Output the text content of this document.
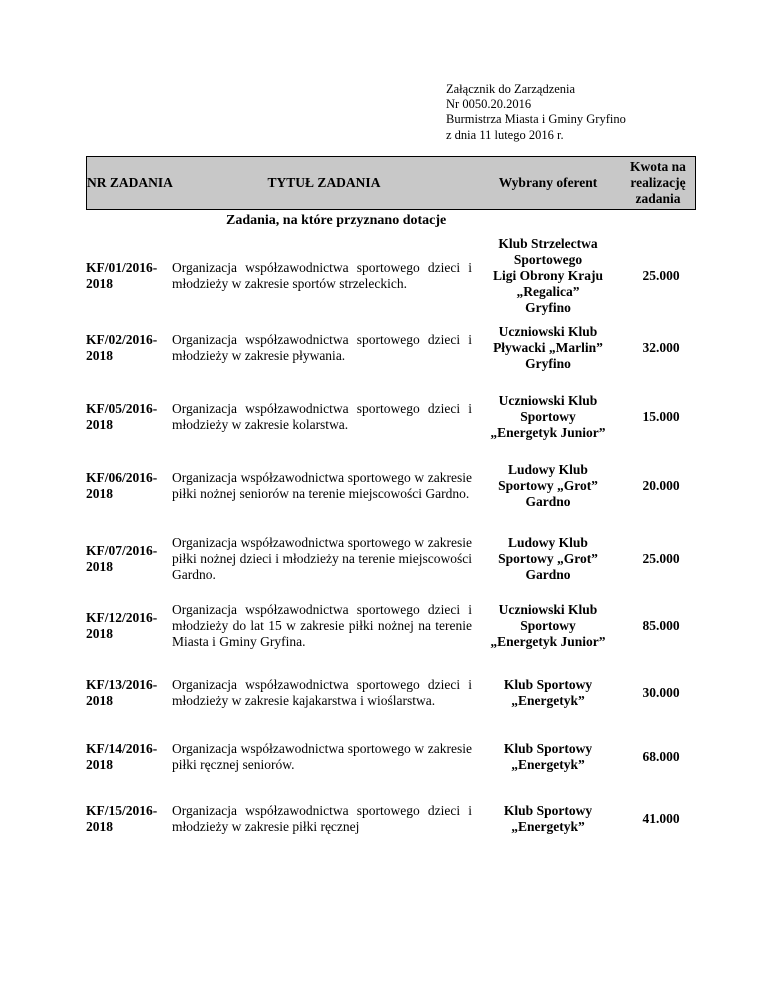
Załącznik do Zarządzenia
Nr 0050.20.2016
Burmistrza Miasta i Gminy Gryfino
z dnia 11 lutego 2016 r.
NR ZADANIA	TYTUŁ ZADANIA	Wybrany oferent
Kwota na realizację zadania
Zadania, na które przyznano dotacje
KF/01/2016-2018
Organizacja współzawodnictwa sportowego dzieci i młodzieży w zakresie sportów strzeleckich.
Klub Strzelectwa
Sportowego
Ligi Obrony Kraju
„Regalica”
Gryfino
25.000
KF/02/2016-2018
Organizacja współzawodnictwa sportowego dzieci i młodzieży w zakresie pływania.
Uczniowski Klub
Pływacki „Marlin”
Gryfino
32.000
KF/05/2016-2018
Organizacja współzawodnictwa sportowego dzieci i młodzieży w zakresie kolarstwa.
Uczniowski Klub
Sportowy
„Energetyk Junior”
15.000
KF/06/2016-2018
Organizacja współzawodnictwa sportowego w zakresie piłki nożnej seniorów na terenie miejscowości Gardno.
Ludowy Klub
Sportowy „Grot”
Gardno
20.000
KF/07/2016-2018
Organizacja współzawodnictwa sportowego w zakresie piłki nożnej dzieci i młodzieży na terenie miejscowości Gardno.
Ludowy Klub
Sportowy „Grot”
Gardno
25.000
KF/12/2016-2018
Organizacja współzawodnictwa sportowego dzieci i młodzieży do lat 15 w zakresie piłki nożnej na terenie Miasta i Gminy Gryfina.
Uczniowski Klub
Sportowy
„Energetyk Junior”
85.000
KF/13/2016-2018
Organizacja współzawodnictwa sportowego dzieci i młodzieży w zakresie kajakarstwa i wioślarstwa.
Klub Sportowy
„Energetyk”
30.000
KF/14/2016-2018
Organizacja współzawodnictwa sportowego w zakresie piłki ręcznej seniorów.
Klub Sportowy
„Energetyk”
68.000
KF/15/2016-2018
Organizacja współzawodnictwa sportowego dzieci i młodzieży w zakresie piłki ręcznej
Klub Sportowy
„Energetyk”
41.000
